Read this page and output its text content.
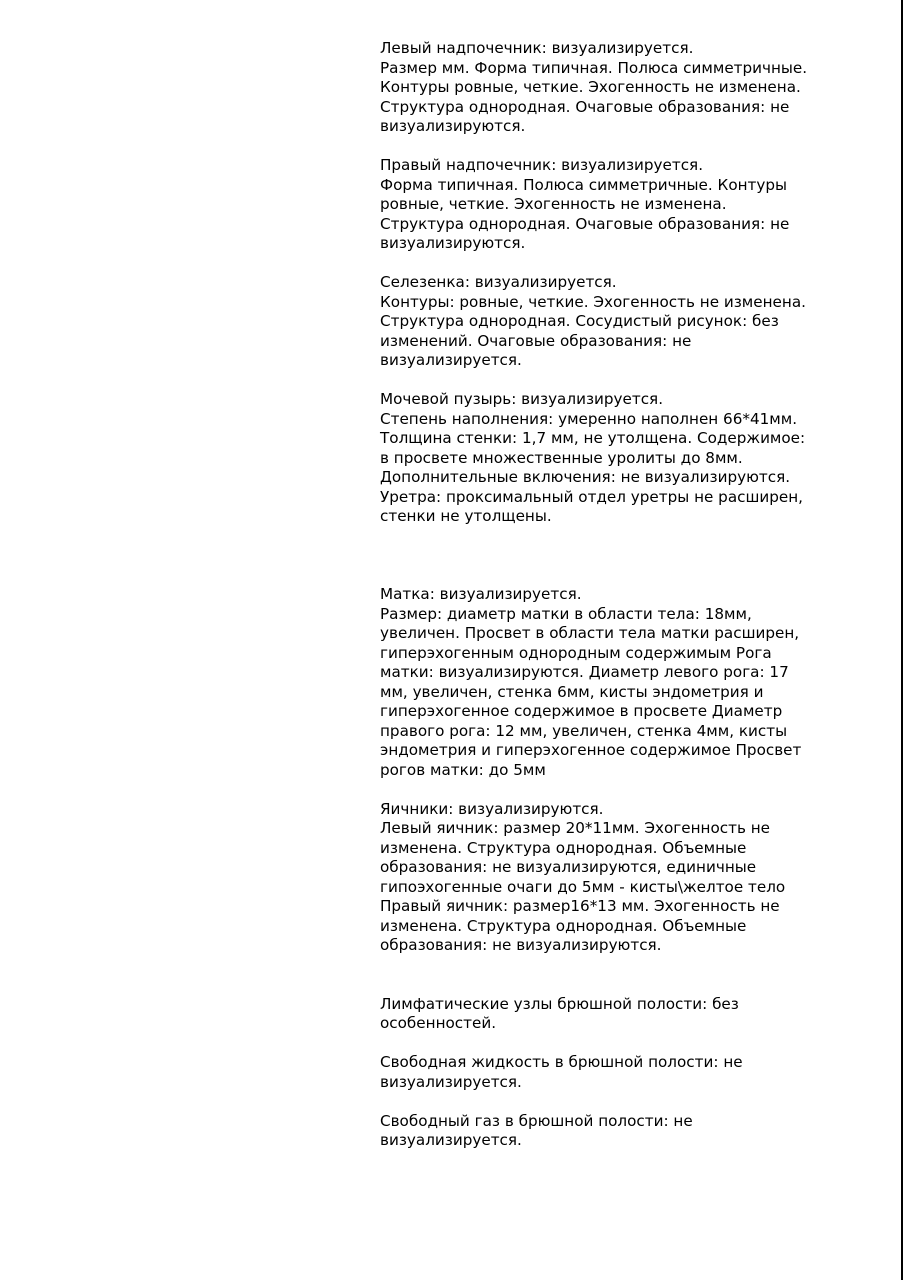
Левый надпочечник: визуализируется.
Размер мм. Форма типичная. Полюса симметричные.
Контуры ровные, четкие. Эхогенность не изменена.
Структура однородная. Очаговые образования: не
визуализируются.

Правый надпочечник: визуализируется.
Форма типичная. Полюса симметричные. Контуры
ровные, четкие. Эхогенность не изменена.
Структура однородная. Очаговые образования: не
визуализируются.

Селезенка: визуализируется.
Контуры: ровные, четкие. Эхогенность не изменена.
Структура однородная. Сосудистый рисунок: без
изменений. Очаговые образования: не
визуализируется.

Мочевой пузырь: визуализируется.
Степень наполнения: умеренно наполнен 66*41мм.
Толщина стенки: 1,7 мм, не утолщена. Содержимое:
в просвете множественные уролиты до 8мм.
Дополнительные включения: не визуализируются.
Уретра: проксимальный отдел уретры не расширен,
стенки не утолщены.

Матка: визуализируется.
Размер: диаметр матки в области тела: 18мм,
увеличен. Просвет в области тела матки расширен,
гиперэхогенным однородным содержимым Рога
матки: визуализируются. Диаметр левого рога: 17
мм, увеличен, стенка 6мм, кисты эндометрия и
гиперэхогенное содержимое в просвете Диаметр
правого рога: 12 мм, увеличен, стенка 4мм, кисты
эндометрия и гиперэхогенное содержимое Просвет
рогов матки: до 5мм

Яичники: визуализируются.
Левый яичник: размер 20*11мм. Эхогенность не
изменена. Структура однородная. Объемные
образования: не визуализируются, единичные
гипоэхогенные очаги до 5мм - кисты\желтое тело
Правый яичник: размер16*13 мм. Эхогенность не
изменена. Структура однородная. Объемные
образования: не визуализируются.

Лимфатические узлы брюшной полости: без
особенностей.

Свободная жидкость в брюшной полости: не
визуализируется.

Свободный газ в брюшной полости: не
визуализируется.
